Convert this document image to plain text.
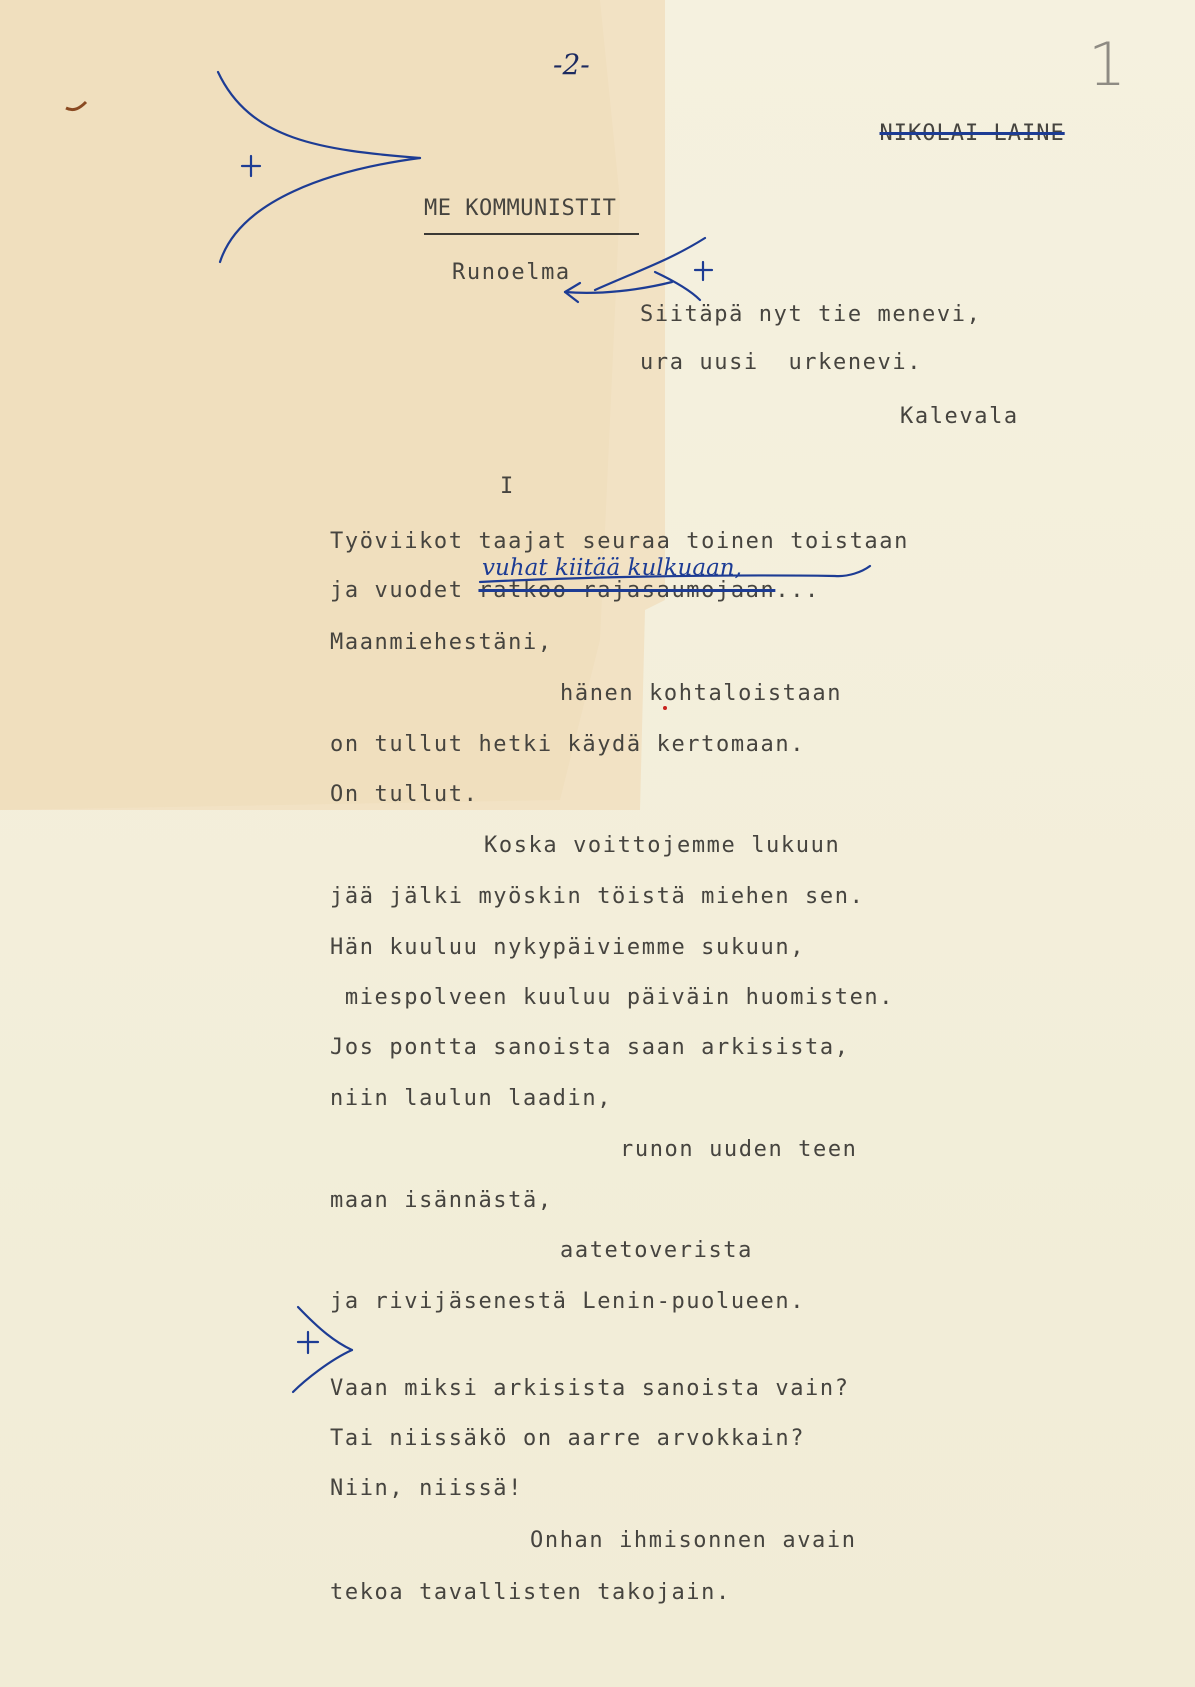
1
-2-

NIKOLAI LAINE

ME KOMMUNISTIT
Runoelma
Siitäpä nyt tie menevi,
ura uusi  urkenevi.
Kalevala
I
Työviikot taajat seuraa toinen toistaan
vuhat kiitää kulkuaan,
ja vuodet ratkoo rajasaumojaan...
Maanmiehestäni,
hänen kohtaloistaan
on tullut hetki käydä kertomaan.
On tullut.
Koska voittojemme lukuun
jää jälki myöskin töistä miehen sen.
Hän kuuluu nykypäiviemme sukuun,
miespolveen kuuluu päiväin huomisten.
Jos pontta sanoista saan arkisista,
niin laulun laadin,
runon uuden teen
maan isännästä,
aatetoverista
ja rivijäsenestä Lenin-puolueen.
Vaan miksi arkisista sanoista vain?
Tai niissäkö on aarre arvokkain?
Niin, niissä!
Onhan ihmisonnen avain
tekoa tavallisten takojain.
